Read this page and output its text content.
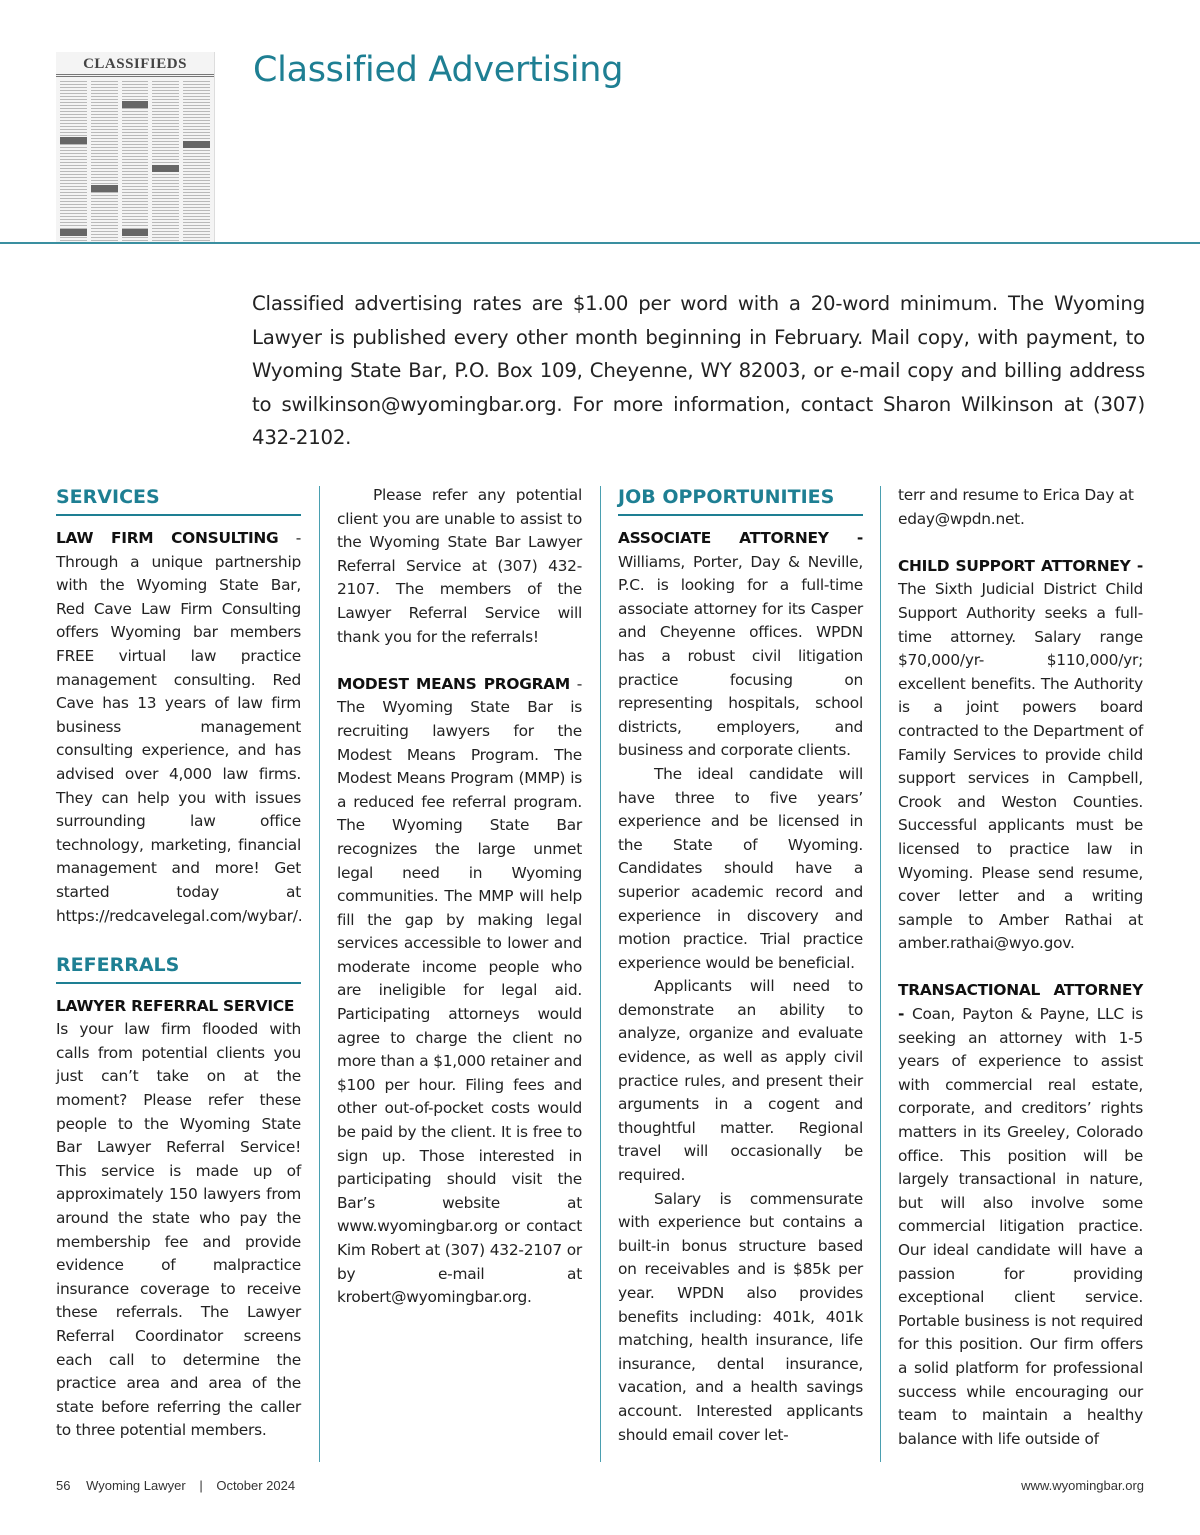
CLASSIFIEDS	Classified Advertising

Classified advertising rates are $1.00 per word with a 20-word minimum. The Wyoming Lawyer is published every other month beginning in February. Mail copy, with payment, to Wyoming State Bar, P.O. Box 109, Cheyenne, WY 82003, or e-mail copy and billing address to swilkinson@wyomingbar.org. For more information, contact Sharon Wilkinson at (307) 432-2102.

SERVICES

LAW FIRM CONSULTING - Through a unique partnership with the Wyoming State Bar, Red Cave Law Firm Consulting offers Wyoming bar members FREE virtual law practice management consulting. Red Cave has 13 years of law firm business management consulting experience, and has advised over 4,000 law firms. They can help you with issues surrounding law office technology, marketing, financial management and more! Get started today at https://redcavelegal.com/wybar/.

REFERRALS

LAWYER REFERRAL SERVICE
Is your law firm flooded with calls from potential clients you just can’t take on at the moment? Please refer these people to the Wyoming State Bar Lawyer Referral Service! This service is made up of approximately 150 lawyers from around the state who pay the membership fee and provide evidence of malpractice insurance coverage to receive these referrals. The Lawyer Referral Coordinator screens each call to determine the practice area and area of the state before referring the caller to three potential members.

Please refer any potential client you are unable to assist to the Wyoming State Bar Lawyer Referral Service at (307) 432-2107. The members of the Lawyer Referral Service will thank you for the referrals!

MODEST MEANS PROGRAM - The Wyoming State Bar is recruiting lawyers for the Modest Means Program. The Modest Means Program (MMP) is a reduced fee referral program. The Wyoming State Bar recognizes the large unmet legal need in Wyoming communities. The MMP will help fill the gap by making legal services accessible to lower and moderate income people who are ineligible for legal aid. Participating attorneys would agree to charge the client no more than a $1,000 retainer and $100 per hour. Filing fees and other out-of-pocket costs would be paid by the client. It is free to sign up. Those interested in participating should visit the Bar’s website at www.wyomingbar.org or contact Kim Robert at (307) 432-2107 or by e-mail at krobert@wyomingbar.org.

JOB OPPORTUNITIES

ASSOCIATE ATTORNEY - Williams, Porter, Day & Neville, P.C. is looking for a full-time associate attorney for its Casper and Cheyenne offices. WPDN has a robust civil litigation practice focusing on representing hospitals, school districts, employers, and business and corporate clients.

The ideal candidate will have three to five years’ experience and be licensed in the State of Wyoming. Candidates should have a superior academic record and experience in discovery and motion practice. Trial practice experience would be beneficial.

Applicants will need to demonstrate an ability to analyze, organize and evaluate evidence, as well as apply civil practice rules, and present their arguments in a cogent and thoughtful matter. Regional travel will occasionally be required.

Salary is commensurate with experience but contains a built-in bonus structure based on receivables and is $85k per year. WPDN also provides benefits including: 401k, 401k matching, health insurance, life insurance, dental insurance, vacation, and a health savings account. Interested applicants should email cover let-

terr and resume to Erica Day at eday@wpdn.net.

CHILD SUPPORT ATTORNEY - The Sixth Judicial District Child Support Authority seeks a full-time attorney. Salary range $70,000/yr- $110,000/yr; excellent benefits. The Authority is a joint powers board contracted to the Department of Family Services to provide child support services in Campbell, Crook and Weston Counties. Successful applicants must be licensed to practice law in Wyoming. Please send resume, cover letter and a writing sample to Amber Rathai at amber.rathai@wyo.gov.

TRANSACTIONAL ATTORNEY - Coan, Payton & Payne, LLC is seeking an attorney with 1-5 years of experience to assist with commercial real estate, corporate, and creditors’ rights matters in its Greeley, Colorado office. This position will be largely transactional in nature, but will also involve some commercial litigation practice. Our ideal candidate will have a passion for providing exceptional client service. Portable business is not required for this position. Our firm offers a solid platform for professional success while encouraging our team to maintain a healthy balance with life outside of

56 Wyoming Lawyer | October 2024	www.wyomingbar.org
